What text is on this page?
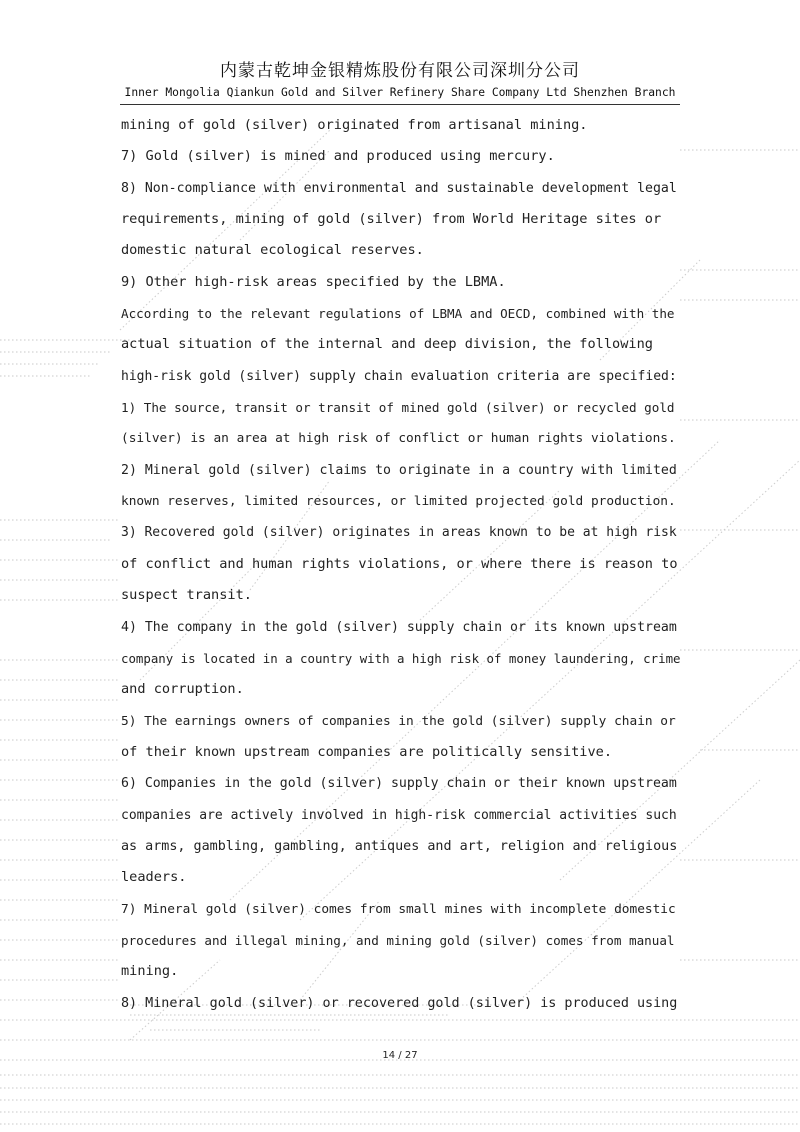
内蒙古乾坤金银精炼股份有限公司深圳分公司
Inner Mongolia Qiankun Gold and Silver Refinery Share Company Ltd Shenzhen Branch
mining of gold (silver) originated from artisanal mining.
7) Gold (silver) is mined and produced using mercury.
8) Non-compliance with environmental and sustainable development legal
requirements, mining of gold (silver) from World Heritage sites or
domestic natural ecological reserves.
9) Other high-risk areas specified by the LBMA.
According to the relevant regulations of LBMA and OECD, combined with the
actual situation of the internal and deep division, the following
high-risk gold (silver) supply chain evaluation criteria are specified:
1) The source, transit or transit of mined gold (silver) or recycled gold
(silver) is an area at high risk of conflict or human rights violations.
2) Mineral gold (silver) claims to originate in a country with limited
known reserves, limited resources, or limited projected gold production.
3) Recovered gold (silver) originates in areas known to be at high risk
of conflict and human rights violations, or where there is reason to
suspect transit.
4) The company in the gold (silver) supply chain or its known upstream
company is located in a country with a high risk of money laundering, crime
and corruption.
5) The earnings owners of companies in the gold (silver) supply chain or
of their known upstream companies are politically sensitive.
6) Companies in the gold (silver) supply chain or their known upstream
companies are actively involved in high-risk commercial activities such
as arms, gambling, gambling, antiques and art, religion and religious
leaders.
7) Mineral gold (silver) comes from small mines with incomplete domestic
procedures and illegal mining, and mining gold (silver) comes from manual
mining.
8) Mineral gold (silver) or recovered gold (silver) is produced using
14 / 27
